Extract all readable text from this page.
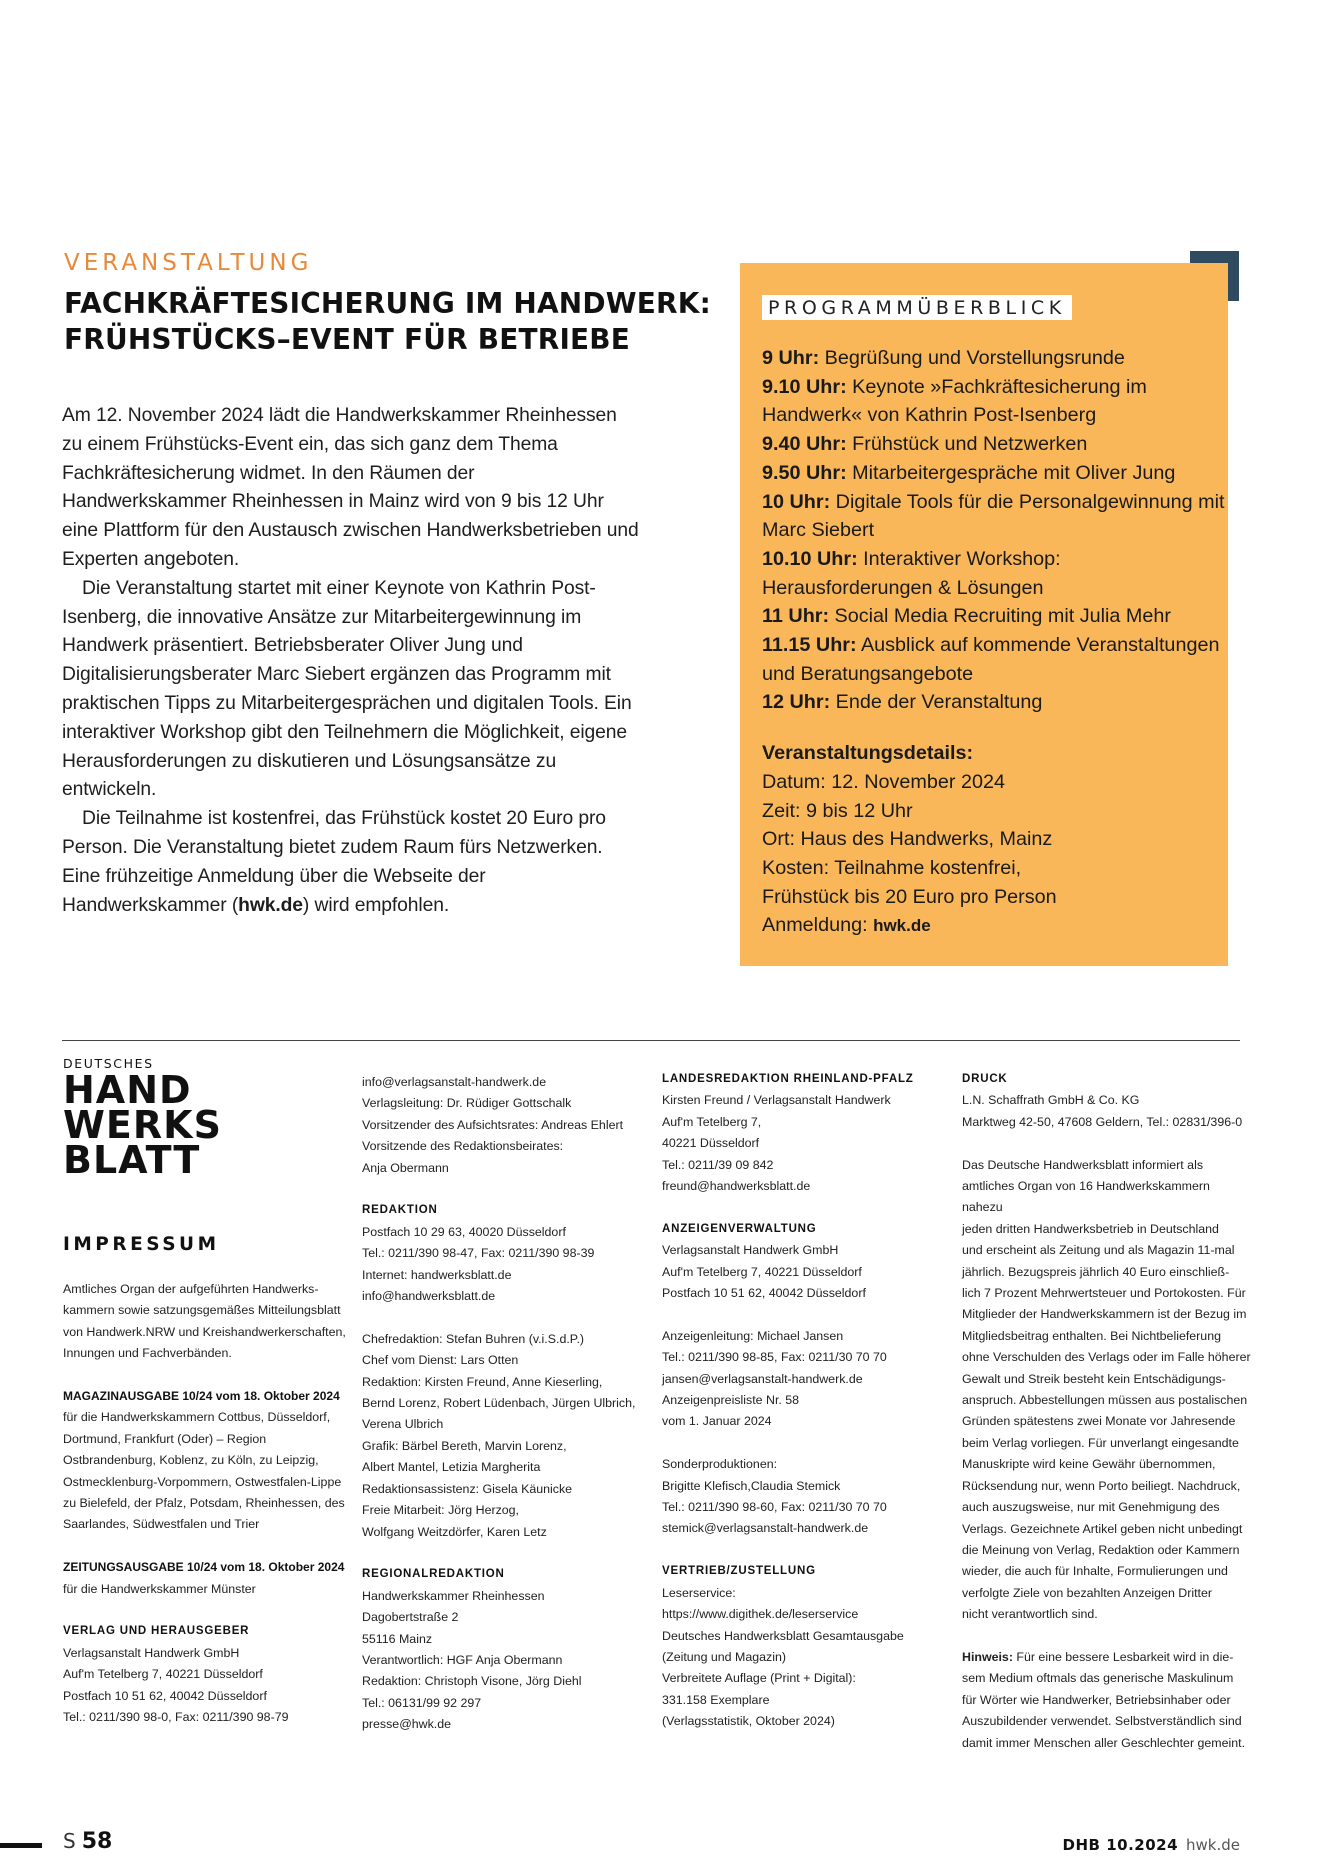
VERANSTALTUNG
FACHKRÄFTESICHERUNG IM HANDWERK:
FRÜHSTÜCKS–EVENT FÜR BETRIEBE

Am 12. November 2024 lädt die Handwerkskammer Rheinhessen zu einem Frühstücks-Event ein, das sich ganz dem Thema Fachkräftesicherung widmet. In den Räumen der Handwerkskammer Rheinhessen in Mainz wird von 9 bis 12 Uhr eine Plattform für den Austausch zwischen Handwerksbetrieben und Experten angeboten.

Die Veranstaltung startet mit einer Keynote von Kathrin Post-Isenberg, die innovative Ansätze zur Mitarbeitergewinnung im Handwerk präsentiert. Betriebsberater Oliver Jung und Digitalisierungsberater Marc Siebert ergänzen das Programm mit praktischen Tipps zu Mitarbeitergesprächen und digitalen Tools. Ein interaktiver Workshop gibt den Teilnehmern die Möglichkeit, eigene Herausforderungen zu diskutieren und Lösungsansätze zu entwickeln.

Die Teilnahme ist kostenfrei, das Frühstück kostet 20 Euro pro Person. Die Veranstaltung bietet zudem Raum fürs Netzwerken. Eine frühzeitige Anmeldung über die Webseite der Handwerkskammer (hwk.de) wird empfohlen.

PROGRAMMÜBERBLICK
9 Uhr: Begrüßung und Vorstellungsrunde
9.10 Uhr: Keynote »Fachkräftesicherung im Handwerk« von Kathrin Post-Isenberg
9.40 Uhr: Frühstück und Netzwerken
9.50 Uhr: Mitarbeitergespräche mit Oliver Jung
10 Uhr: Digitale Tools für die Personalgewinnung mit Marc Siebert
10.10 Uhr: Interaktiver Workshop: Herausforderungen & Lösungen
11 Uhr: Social Media Recruiting mit Julia Mehr
11.15 Uhr: Ausblick auf kommende Veranstaltungen und Beratungsangebote
12 Uhr: Ende der Veranstaltung
Veranstaltungsdetails:
Datum: 12. November 2024
Zeit: 9 bis 12 Uhr
Ort: Haus des Handwerks, Mainz
Kosten: Teilnahme kostenfrei,
Frühstück bis 20 Euro pro Person
Anmeldung: hwk.de
DEUTSCHES
HAND
WERKS
BLATT
IMPRESSUM
Amtliches Organ der aufgeführten Handwerks-
kammern sowie satzungsgemäßes Mitteilungsblatt
von Handwerk.NRW und Kreishandwerkerschaften,
Innungen und Fachverbänden.
MAGAZINAUSGABE 10/24 vom 18. Oktober 2024
für die Handwerkskammern Cottbus, Düsseldorf,
Dortmund, Frankfurt (Oder) – Region
Ostbrandenburg, Koblenz, zu Köln, zu Leipzig,
Ostmecklenburg-Vorpommern, Ostwestfalen-Lippe
zu Bielefeld, der Pfalz, Potsdam, Rheinhessen, des
Saarlandes, Südwestfalen und Trier
ZEITUNGSAUSGABE 10/24 vom 18. Oktober 2024
für die Handwerkskammer Münster
VERLAG UND HERAUSGEBER
Verlagsanstalt Handwerk GmbH
Auf'm Tetelberg 7, 40221 Düsseldorf
Postfach 10 51 62, 40042 Düsseldorf
Tel.: 0211/390 98-0, Fax: 0211/390 98-79
info@verlagsanstalt-handwerk.de
Verlagsleitung: Dr. Rüdiger Gottschalk
Vorsitzender des Aufsichtsrates: Andreas Ehlert
Vorsitzende des Redaktionsbeirates:
Anja Obermann
REDAKTION
Postfach 10 29 63, 40020 Düsseldorf
Tel.: 0211/390 98-47, Fax: 0211/390 98-39
Internet: handwerksblatt.de
info@handwerksblatt.de
Chefredaktion: Stefan Buhren (v.i.S.d.P.)
Chef vom Dienst: Lars Otten
Redaktion: Kirsten Freund, Anne Kieserling,
Bernd Lorenz, Robert Lüdenbach, Jürgen Ulbrich,
Verena Ulbrich
Grafik: Bärbel Bereth, Marvin Lorenz,
Albert Mantel, Letizia Margherita
Redaktionsassistenz: Gisela Käunicke
Freie Mitarbeit: Jörg Herzog,
Wolfgang Weitzdörfer, Karen Letz
REGIONALREDAKTION
Handwerkskammer Rheinhessen
Dagobertstraße 2
55116 Mainz
Verantwortlich: HGF Anja Obermann
Redaktion: Christoph Visone, Jörg Diehl
Tel.: 06131/99 92 297
presse@hwk.de
LANDESREDAKTION RHEINLAND-PFALZ
Kirsten Freund / Verlagsanstalt Handwerk
Auf'm Tetelberg 7,
40221 Düsseldorf
Tel.: 0211/39 09 842
freund@handwerksblatt.de
ANZEIGENVERWALTUNG
Verlagsanstalt Handwerk GmbH
Auf'm Tetelberg 7, 40221 Düsseldorf
Postfach 10 51 62, 40042 Düsseldorf
Anzeigenleitung: Michael Jansen
Tel.: 0211/390 98-85, Fax: 0211/30 70 70
jansen@verlagsanstalt-handwerk.de
Anzeigenpreisliste Nr. 58
vom 1. Januar 2024
Sonderproduktionen:
Brigitte Klefisch,Claudia Stemick
Tel.: 0211/390 98-60, Fax: 0211/30 70 70
stemick@verlagsanstalt-handwerk.de
VERTRIEB/ZUSTELLUNG
Leserservice:
https://www.digithek.de/leserservice
Deutsches Handwerksblatt Gesamtausgabe
(Zeitung und Magazin)
Verbreitete Auflage (Print + Digital):
331.158 Exemplare
(Verlagsstatistik, Oktober 2024)
DRUCK
L.N. Schaffrath GmbH & Co. KG
Marktweg 42-50, 47608 Geldern, Tel.: 02831/396-0
Das Deutsche Handwerksblatt informiert als
amtliches Organ von 16 Handwerkskammern nahezu
jeden dritten Handwerksbetrieb in Deutschland
und erscheint als Zeitung und als Magazin 11-mal
jährlich. Bezugspreis jährlich 40 Euro einschließ-
lich 7 Prozent Mehrwertsteuer und Portokosten. Für
Mitglieder der Handwerkskammern ist der Bezug im
Mitgliedsbeitrag enthalten. Bei Nichtbelieferung
ohne Verschulden des Verlags oder im Falle höherer
Gewalt und Streik besteht kein Entschädigungs-
anspruch. Abbestellungen müssen aus postalischen
Gründen spätestens zwei Monate vor Jahresende
beim Verlag vorliegen. Für unverlangt eingesandte
Manuskripte wird keine Gewähr übernommen,
Rücksendung nur, wenn Porto beiliegt. Nachdruck,
auch auszugsweise, nur mit Genehmigung des
Verlags. Gezeichnete Artikel geben nicht unbedingt
die Meinung von Verlag, Redaktion oder Kammern
wieder, die auch für Inhalte, Formulierungen und
verfolgte Ziele von bezahlten Anzeigen Dritter
nicht verantwortlich sind.
Hinweis: Für eine bessere Lesbarkeit wird in die-
sem Medium oftmals das generische Maskulinum
für Wörter wie Handwerker, Betriebsinhaber oder
Auszubildender verwendet. Selbstverständlich sind
damit immer Menschen aller Geschlechter gemeint.
S 58	DHB 10.2024 hwk.de
